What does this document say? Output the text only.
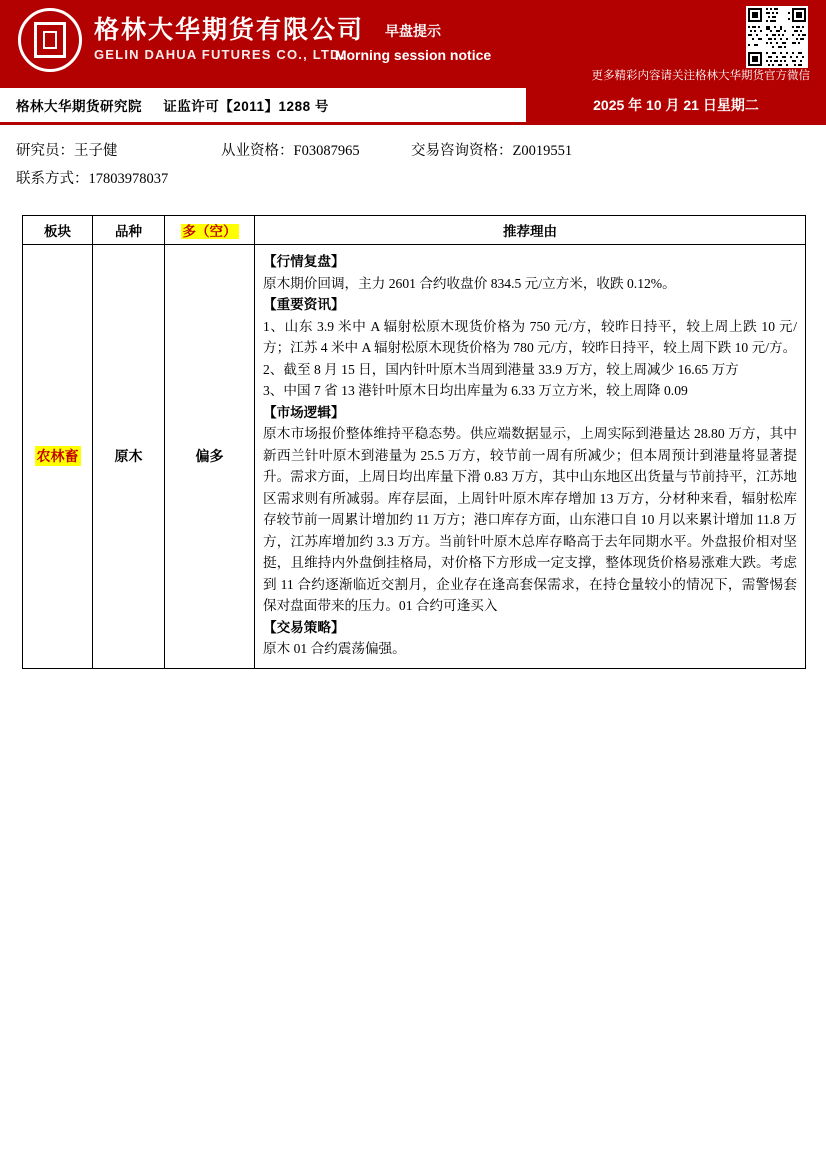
格林大华期货有限公司
GELIN DAHUA FUTURES CO., LTD.
早盘提示
Morning session notice
更多精彩内容请关注格林大华期货官方微信
格林大华期货研究院 证监许可【2011】1288 号	2025 年 10 月 21 日星期二
研究员：王子健	从业资格：F03087965	交易咨询资格：Z0019551
联系方式：17803978037
板块	品种	多（空）	推荐理由
农林畜	原木	偏多	
【行情复盘】

原木期价回调，主力 2601 合约收盘价 834.5 元/立方米，收跌 0.12%。

【重要资讯】

1、山东 3.9 米中 A 辐射松原木现货价格为 750 元/方，较昨日持平，较上周上跌 10 元/方；江苏 4 米中 A 辐射松原木现货价格为 780 元/方，较昨日持平，较上周下跌 10 元/方。

2、截至 8 月 15 日，国内针叶原木当周到港量 33.9 万方，较上周减少 16.65 万方

3、中国 7 省 13 港针叶原木日均出库量为 6.33 万立方米，较上周降 0.09

【市场逻辑】

原木市场报价整体维持平稳态势。供应端数据显示，上周实际到港量达 28.80 万方，其中新西兰针叶原木到港量为 25.5 万方，较节前一周有所减少；但本周预计到港量将显著提升。需求方面，上周日均出库量下滑 0.83 万方，其中山东地区出货量与节前持平，江苏地区需求则有所减弱。库存层面，上周针叶原木库存增加 13 万方，分材种来看，辐射松库存较节前一周累计增加约 11 万方；港口库存方面，山东港口自 10 月以来累计增加 11.8 万方，江苏库增加约 3.3 万方。当前针叶原木总库存略高于去年同期水平。外盘报价相对坚挺，且维持内外盘倒挂格局，对价格下方形成一定支撑，整体现货价格易涨难大跌。考虑到 11 合约逐渐临近交割月，企业存在逢高套保需求，在持仓量较小的情况下，需警惕套保对盘面带来的压力。01 合约可逢买入

【交易策略】

原木 01 合约震荡偏强。
